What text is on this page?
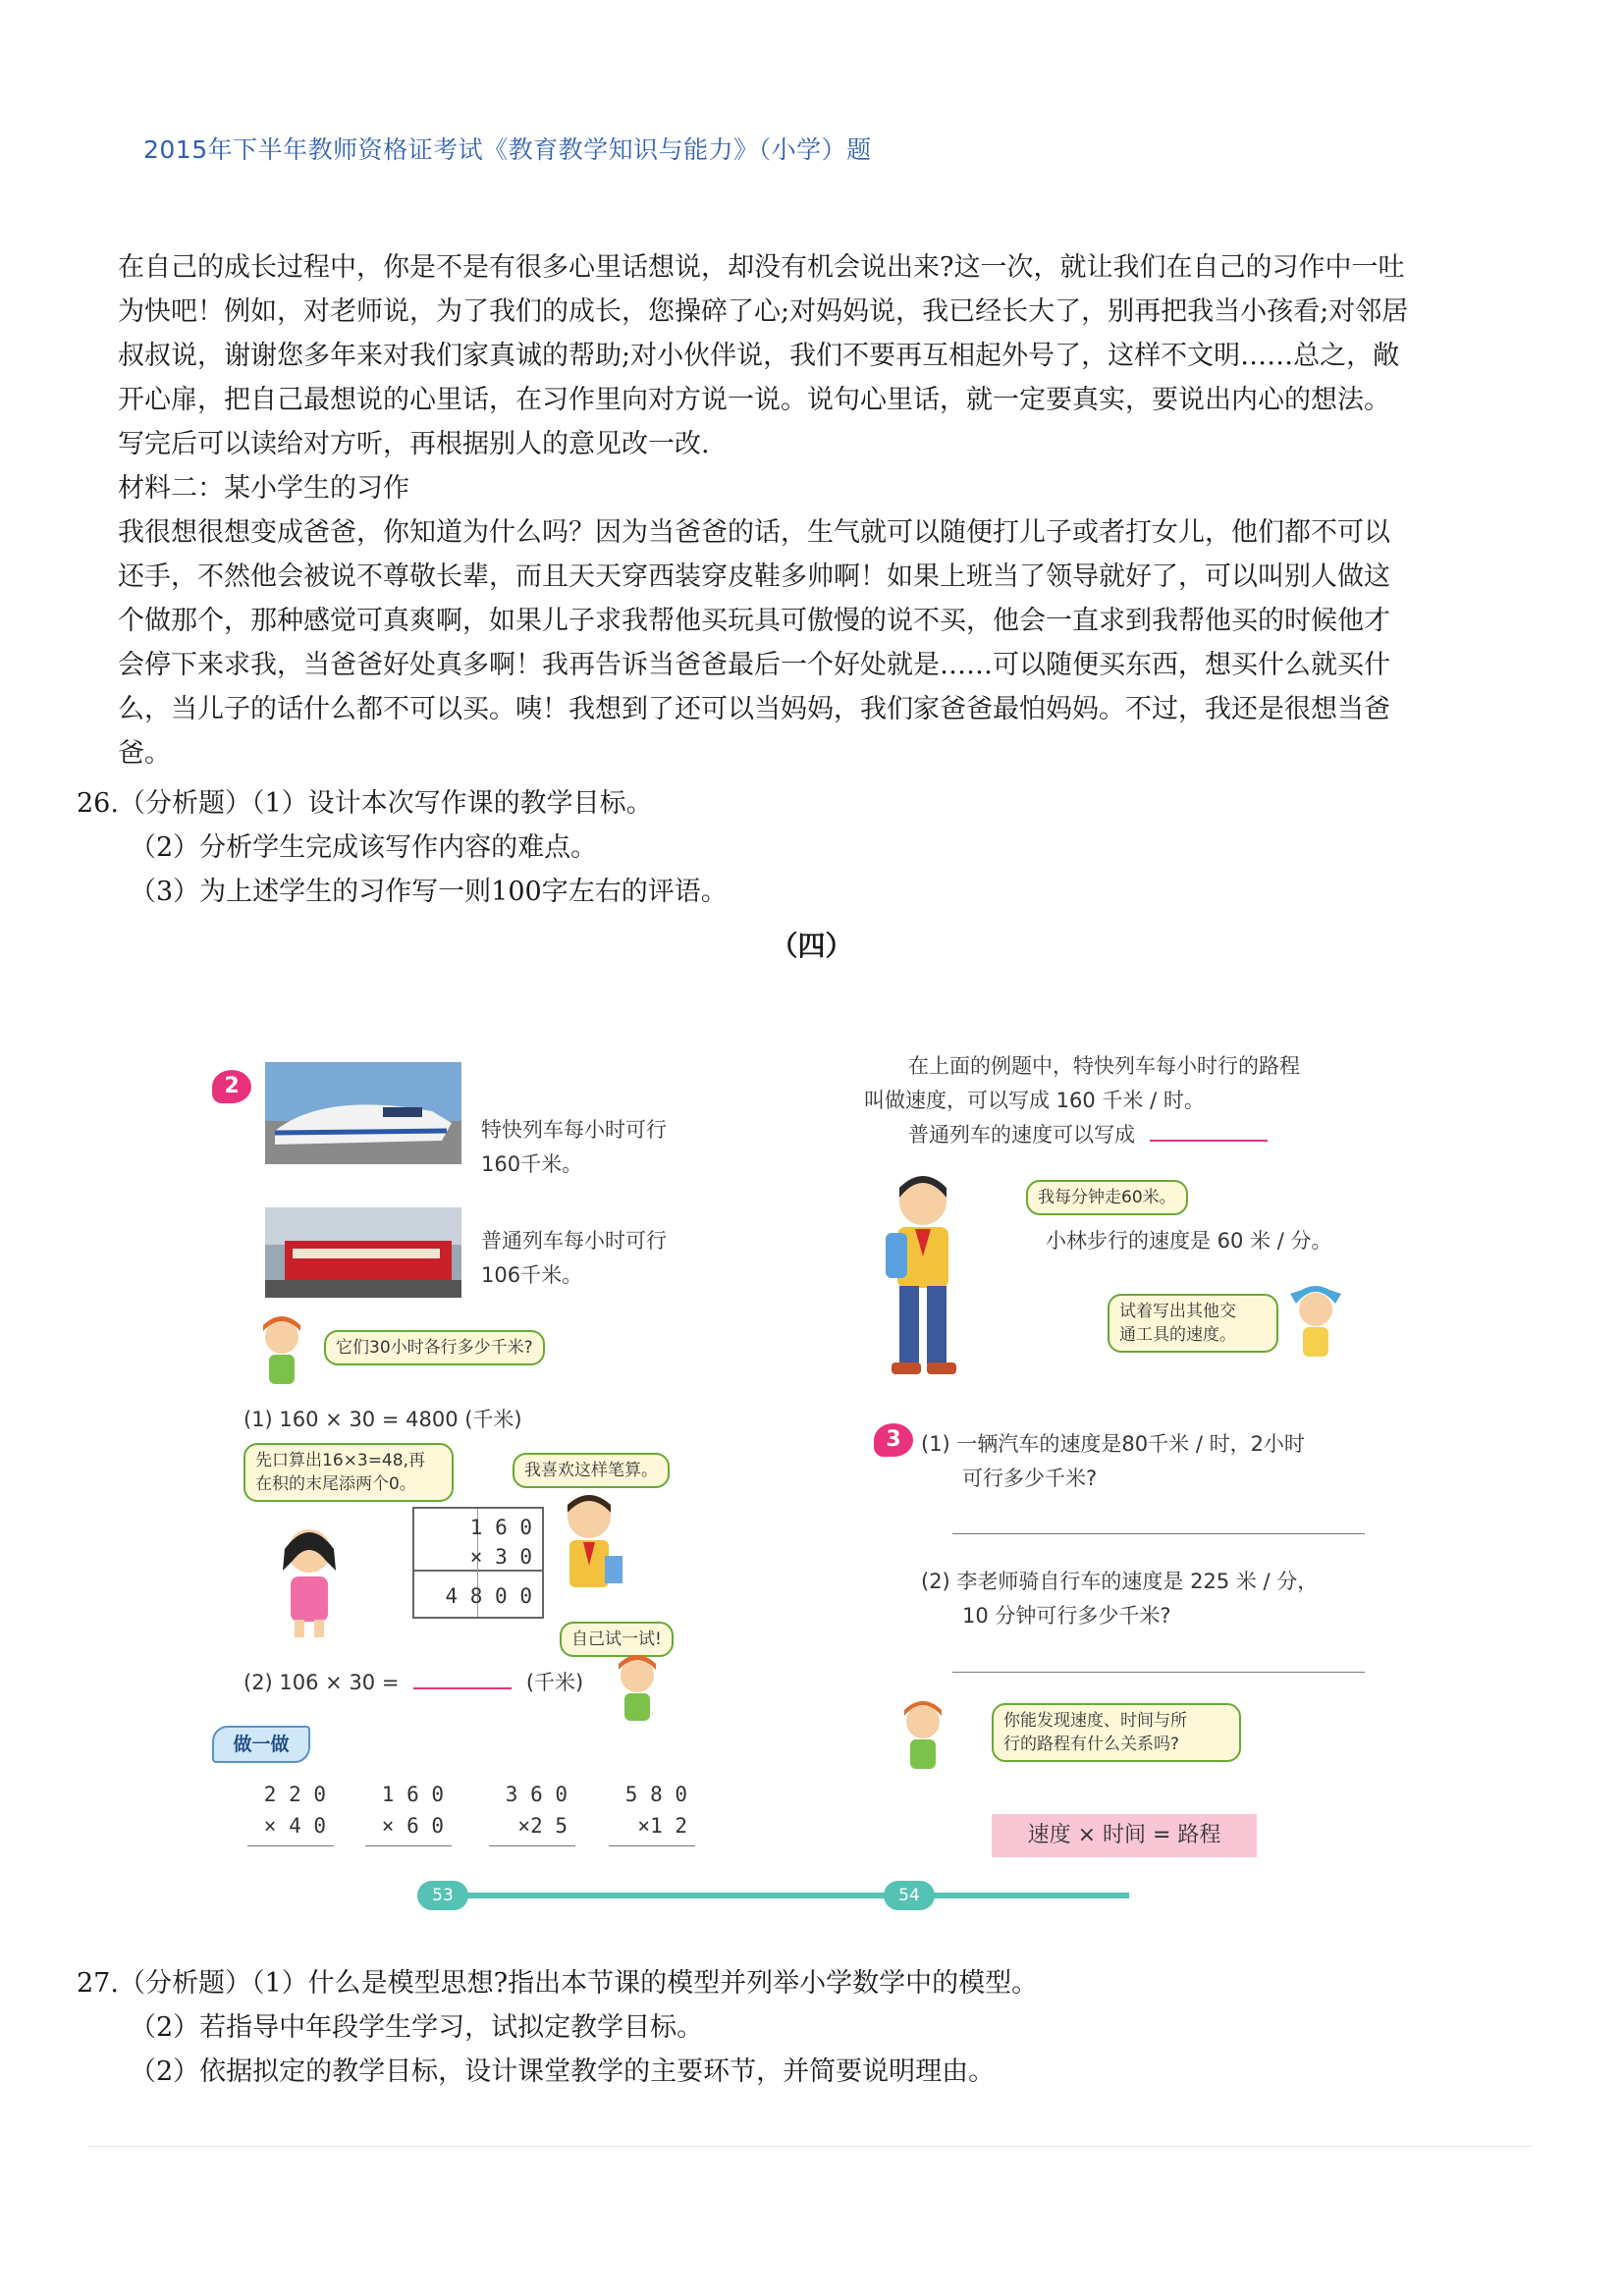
2015年下半年教师资格证考试《教育教学知识与能力》（小学）题

在自己的成长过程中，你是不是有很多心里话想说，却没有机会说出来?这一次，就让我们在自己的习作中一吐

为快吧！例如，对老师说，为了我们的成长，您操碎了心;对妈妈说，我已经长大了，别再把我当小孩看;对邻居

叔叔说，谢谢您多年来对我们家真诚的帮助;对小伙伴说，我们不要再互相起外号了，这样不文明……总之，敞

开心扉，把自己最想说的心里话，在习作里向对方说一说。说句心里话，就一定要真实，要说出内心的想法。

写完后可以读给对方听，再根据别人的意见改一改.

材料二：某小学生的习作

我很想很想变成爸爸，你知道为什么吗？因为当爸爸的话，生气就可以随便打儿子或者打女儿，他们都不可以

还手，不然他会被说不尊敬长辈，而且天天穿西装穿皮鞋多帅啊！如果上班当了领导就好了，可以叫别人做这

个做那个，那种感觉可真爽啊，如果儿子求我帮他买玩具可傲慢的说不买，他会一直求到我帮他买的时候他才

会停下来求我，当爸爸好处真多啊！我再告诉当爸爸最后一个好处就是……可以随便买东西，想买什么就买什

么，当儿子的话什么都不可以买。咦！我想到了还可以当妈妈，我们家爸爸最怕妈妈。不过，我还是很想当爸

爸。

26.（分析题）（1）设计本次写作课的教学目标。
（2）分析学生完成该写作内容的难点。
（3）为上述学生的习作写一则100字左右的评语。
（四）
2
特快列车每小时可行
160千米。
普通列车每小时可行
106千米。
它们30小时各行多少千米?
(1) 160 × 30 = 4800 (千米)
先口算出16×3=48,再
在积的末尾添两个0。
我喜欢这样笔算。
1 6 0
× 3 0
4 8 0 0
自己试一试!
(2) 106 × 30 =	(千米)
做一做
2 2 0
× 4 0
1 6 0
× 6 0
3 6 0
×2 5
5 8 0
×1 2
在上面的例题中，特快列车每小时行的路程
叫做速度，可以写成 160 千米 / 时。
普通列车的速度可以写成
我每分钟走60米。
小林步行的速度是 60 米 / 分。
试着写出其他交
通工具的速度。
3 (1) 一辆汽车的速度是80千米 / 时，2小时
可行多少千米?
(2) 李老师骑自行车的速度是 225 米 / 分，
10 分钟可行多少千米?
你能发现速度、时间与所
行的路程有什么关系吗?
速度 × 时间 = 路程
53	54
27.（分析题）（1）什么是模型思想?指出本节课的模型并列举小学数学中的模型。
（2）若指导中年段学生学习，试拟定教学目标。
（2）依据拟定的教学目标，设计课堂教学的主要环节，并简要说明理由。
